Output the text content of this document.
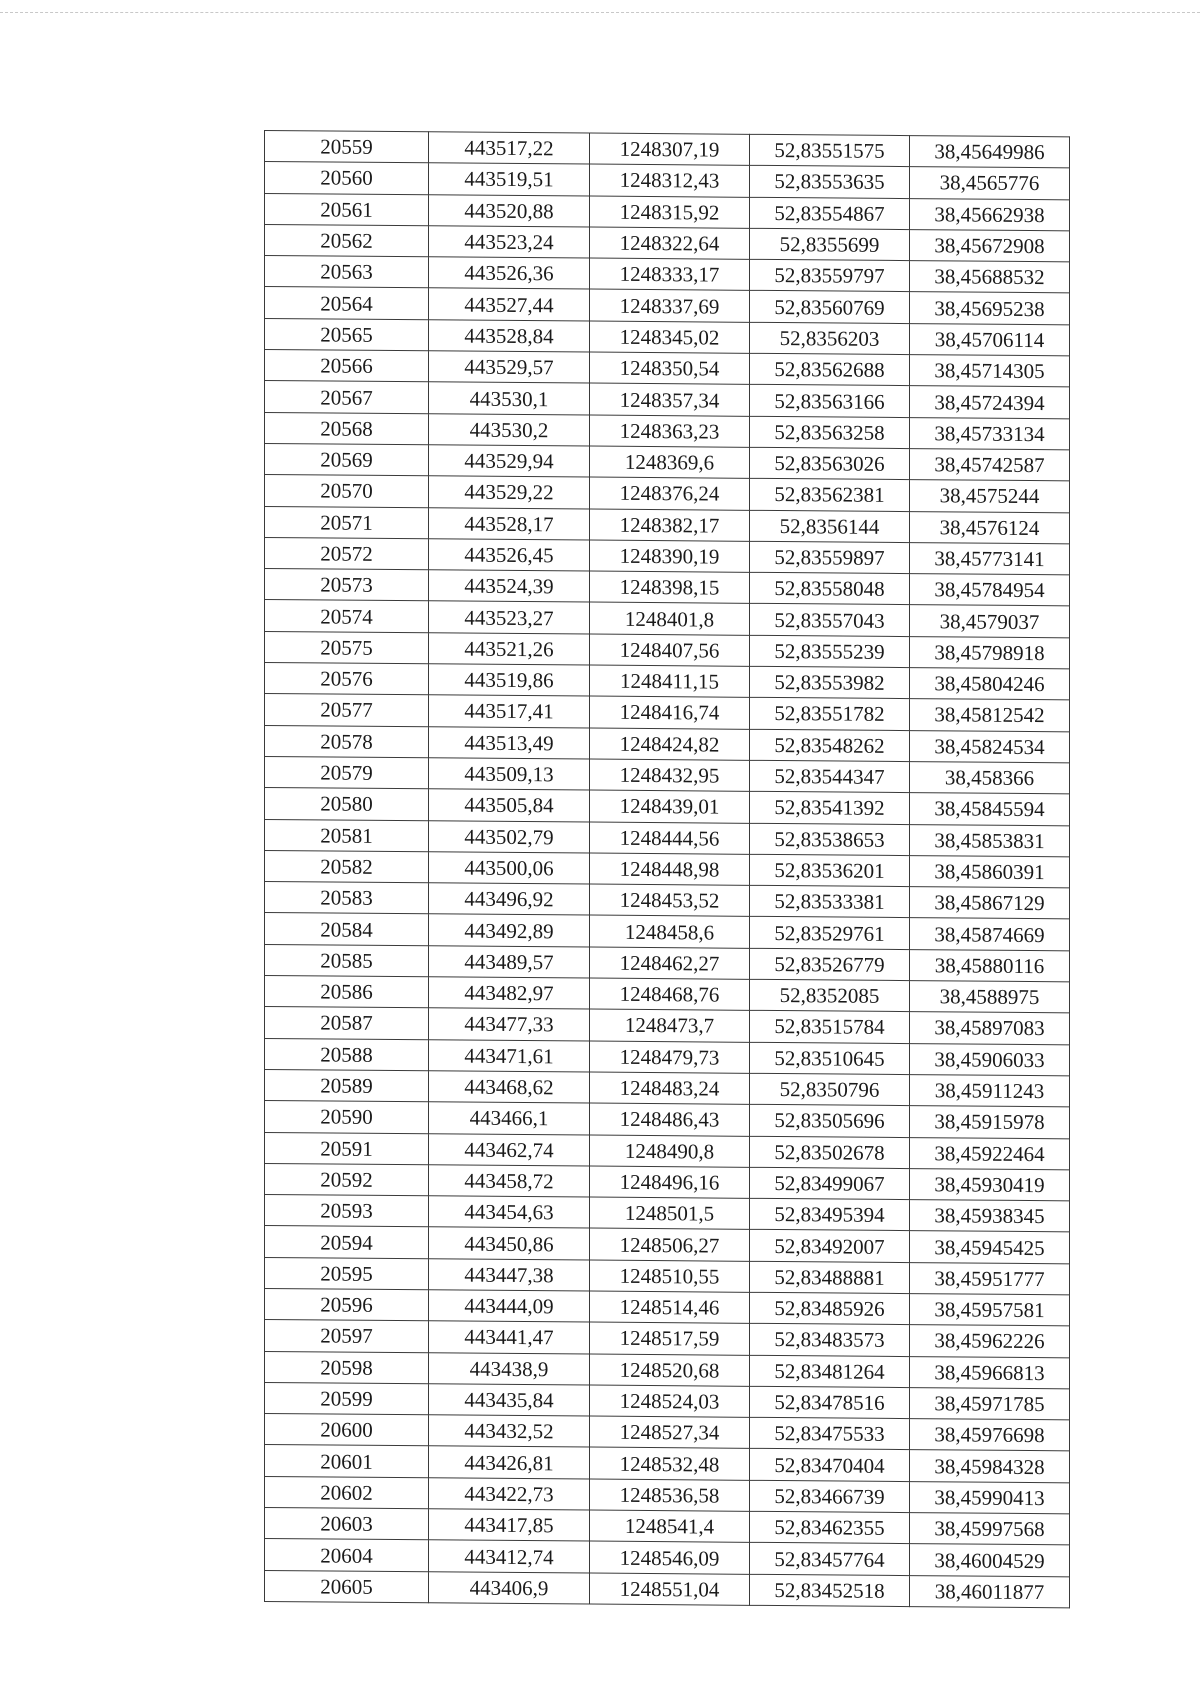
20559	443517,22	1248307,19	52,83551575	38,45649986
20560	443519,51	1248312,43	52,83553635	38,4565776
20561	443520,88	1248315,92	52,83554867	38,45662938
20562	443523,24	1248322,64	52,8355699	38,45672908
20563	443526,36	1248333,17	52,83559797	38,45688532
20564	443527,44	1248337,69	52,83560769	38,45695238
20565	443528,84	1248345,02	52,8356203	38,45706114
20566	443529,57	1248350,54	52,83562688	38,45714305
20567	443530,1	1248357,34	52,83563166	38,45724394
20568	443530,2	1248363,23	52,83563258	38,45733134
20569	443529,94	1248369,6	52,83563026	38,45742587
20570	443529,22	1248376,24	52,83562381	38,4575244
20571	443528,17	1248382,17	52,8356144	38,4576124
20572	443526,45	1248390,19	52,83559897	38,45773141
20573	443524,39	1248398,15	52,83558048	38,45784954
20574	443523,27	1248401,8	52,83557043	38,4579037
20575	443521,26	1248407,56	52,83555239	38,45798918
20576	443519,86	1248411,15	52,83553982	38,45804246
20577	443517,41	1248416,74	52,83551782	38,45812542
20578	443513,49	1248424,82	52,83548262	38,45824534
20579	443509,13	1248432,95	52,83544347	38,458366
20580	443505,84	1248439,01	52,83541392	38,45845594
20581	443502,79	1248444,56	52,83538653	38,45853831
20582	443500,06	1248448,98	52,83536201	38,45860391
20583	443496,92	1248453,52	52,83533381	38,45867129
20584	443492,89	1248458,6	52,83529761	38,45874669
20585	443489,57	1248462,27	52,83526779	38,45880116
20586	443482,97	1248468,76	52,8352085	38,4588975
20587	443477,33	1248473,7	52,83515784	38,45897083
20588	443471,61	1248479,73	52,83510645	38,45906033
20589	443468,62	1248483,24	52,8350796	38,45911243
20590	443466,1	1248486,43	52,83505696	38,45915978
20591	443462,74	1248490,8	52,83502678	38,45922464
20592	443458,72	1248496,16	52,83499067	38,45930419
20593	443454,63	1248501,5	52,83495394	38,45938345
20594	443450,86	1248506,27	52,83492007	38,45945425
20595	443447,38	1248510,55	52,83488881	38,45951777
20596	443444,09	1248514,46	52,83485926	38,45957581
20597	443441,47	1248517,59	52,83483573	38,45962226
20598	443438,9	1248520,68	52,83481264	38,45966813
20599	443435,84	1248524,03	52,83478516	38,45971785
20600	443432,52	1248527,34	52,83475533	38,45976698
20601	443426,81	1248532,48	52,83470404	38,45984328
20602	443422,73	1248536,58	52,83466739	38,45990413
20603	443417,85	1248541,4	52,83462355	38,45997568
20604	443412,74	1248546,09	52,83457764	38,46004529
20605	443406,9	1248551,04	52,83452518	38,46011877
